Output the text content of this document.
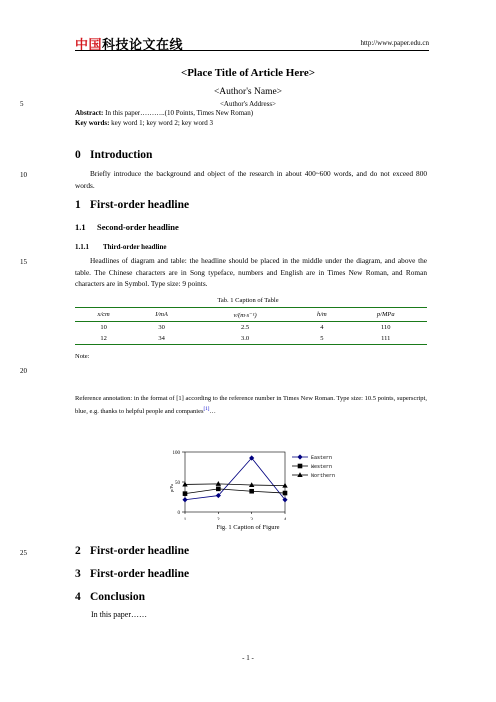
中国科技论文在线	http://www.paper.edu.cn
<Place Title of Article Here>
<Author's Name>
5	<Author's Address>
Abstract: In this paper………..(10 Points, Times New Roman)
Key words: key word 1; key word 2; key word 3
0 Introduction
10	Briefly introduce the background and object of the research in about 400~600 words, and do not exceed 800 words.
1 First-order headline
1.1 Second-order headline
1.1.1 Third-order headline
15	Headlines of diagram and table: the headline should be placed in the middle under the diagram, and above the table. The Chinese characters are in Song typeface, numbers and English are in Times New Roman, and Roman characters are in Symbol. Type size: 9 points.
Tab. 1 Caption of Table
x/cm	I/mA	v/(m·s⁻¹)	h/m	p/MPa
10	30	2.5	4	110
12	34	3.0	5	111
Note:
20
Reference annotation: in the format of [1] according to the reference number in Times New Roman. Type size: 10.5 points, superscript, blue, e.g. thanks to helpful people and companies[1]…
0
50
100
p/Pa
Eastern
Western
Northern
Fig. 1 Caption of Figure
25	2 First-order headline
3 First-order headline
4 Conclusion
In this paper……
- 1 -
